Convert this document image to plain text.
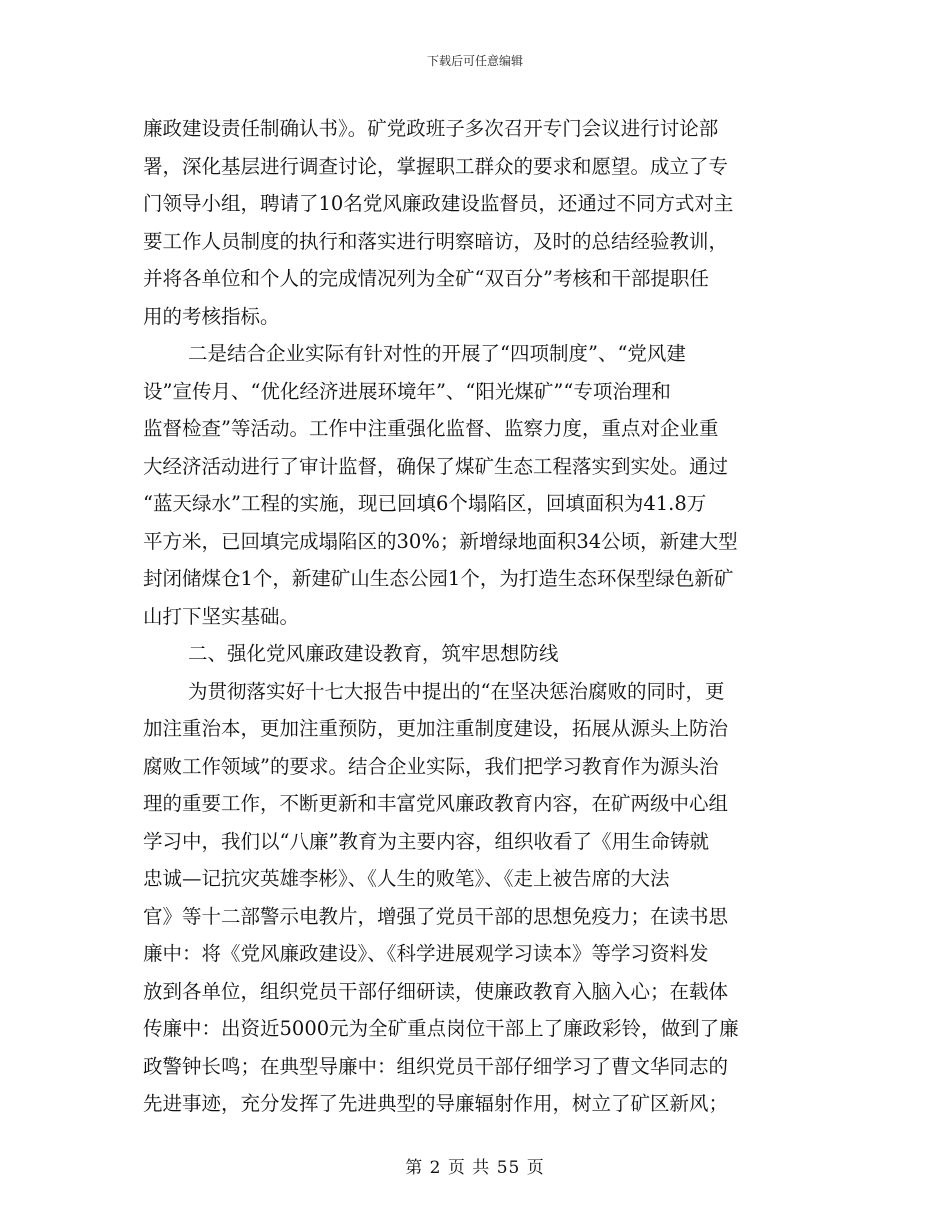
下载后可任意编辑
廉政建设责任制确认书》。矿党政班子多次召开专门会议进行讨论部
署，深化基层进行调查讨论，掌握职工群众的要求和愿望。成立了专
门领导小组，聘请了10名党风廉政建设监督员，还通过不同方式对主
要工作人员制度的执行和落实进行明察暗访，及时的总结经验教训，
并将各单位和个人的完成情况列为全矿“双百分”考核和干部提职任
用的考核指标。
二是结合企业实际有针对性的开展了“四项制度”、“党风建
设”宣传月、“优化经济进展环境年”、“阳光煤矿”“专项治理和
监督检查”等活动。工作中注重强化监督、监察力度，重点对企业重
大经济活动进行了审计监督，确保了煤矿生态工程落实到实处。通过
“蓝天绿水”工程的实施，现已回填6个塌陷区，回填面积为41.8万
平方米，已回填完成塌陷区的30%；新增绿地面积34公顷，新建大型
封闭储煤仓1个，新建矿山生态公园1个，为打造生态环保型绿色新矿
山打下坚实基础。
二、强化党风廉政建设教育，筑牢思想防线
为贯彻落实好十七大报告中提出的“在坚决惩治腐败的同时，更
加注重治本，更加注重预防，更加注重制度建设，拓展从源头上防治
腐败工作领域”的要求。结合企业实际，我们把学习教育作为源头治
理的重要工作，不断更新和丰富党风廉政教育内容，在矿两级中心组
学习中，我们以“八廉”教育为主要内容，组织收看了《用生命铸就
忠诚—记抗灾英雄李彬》、《人生的败笔》、《走上被告席的大法
官》等十二部警示电教片，增强了党员干部的思想免疫力；在读书思
廉中：将《党风廉政建设》、《科学进展观学习读本》等学习资料发
放到各单位，组织党员干部仔细研读，使廉政教育入脑入心；在载体
传廉中：出资近5000元为全矿重点岗位干部上了廉政彩铃，做到了廉
政警钟长鸣；在典型导廉中：组织党员干部仔细学习了曹文华同志的
先进事迹，充分发挥了先进典型的导廉辐射作用，树立了矿区新风；
第 2 页 共 55 页
